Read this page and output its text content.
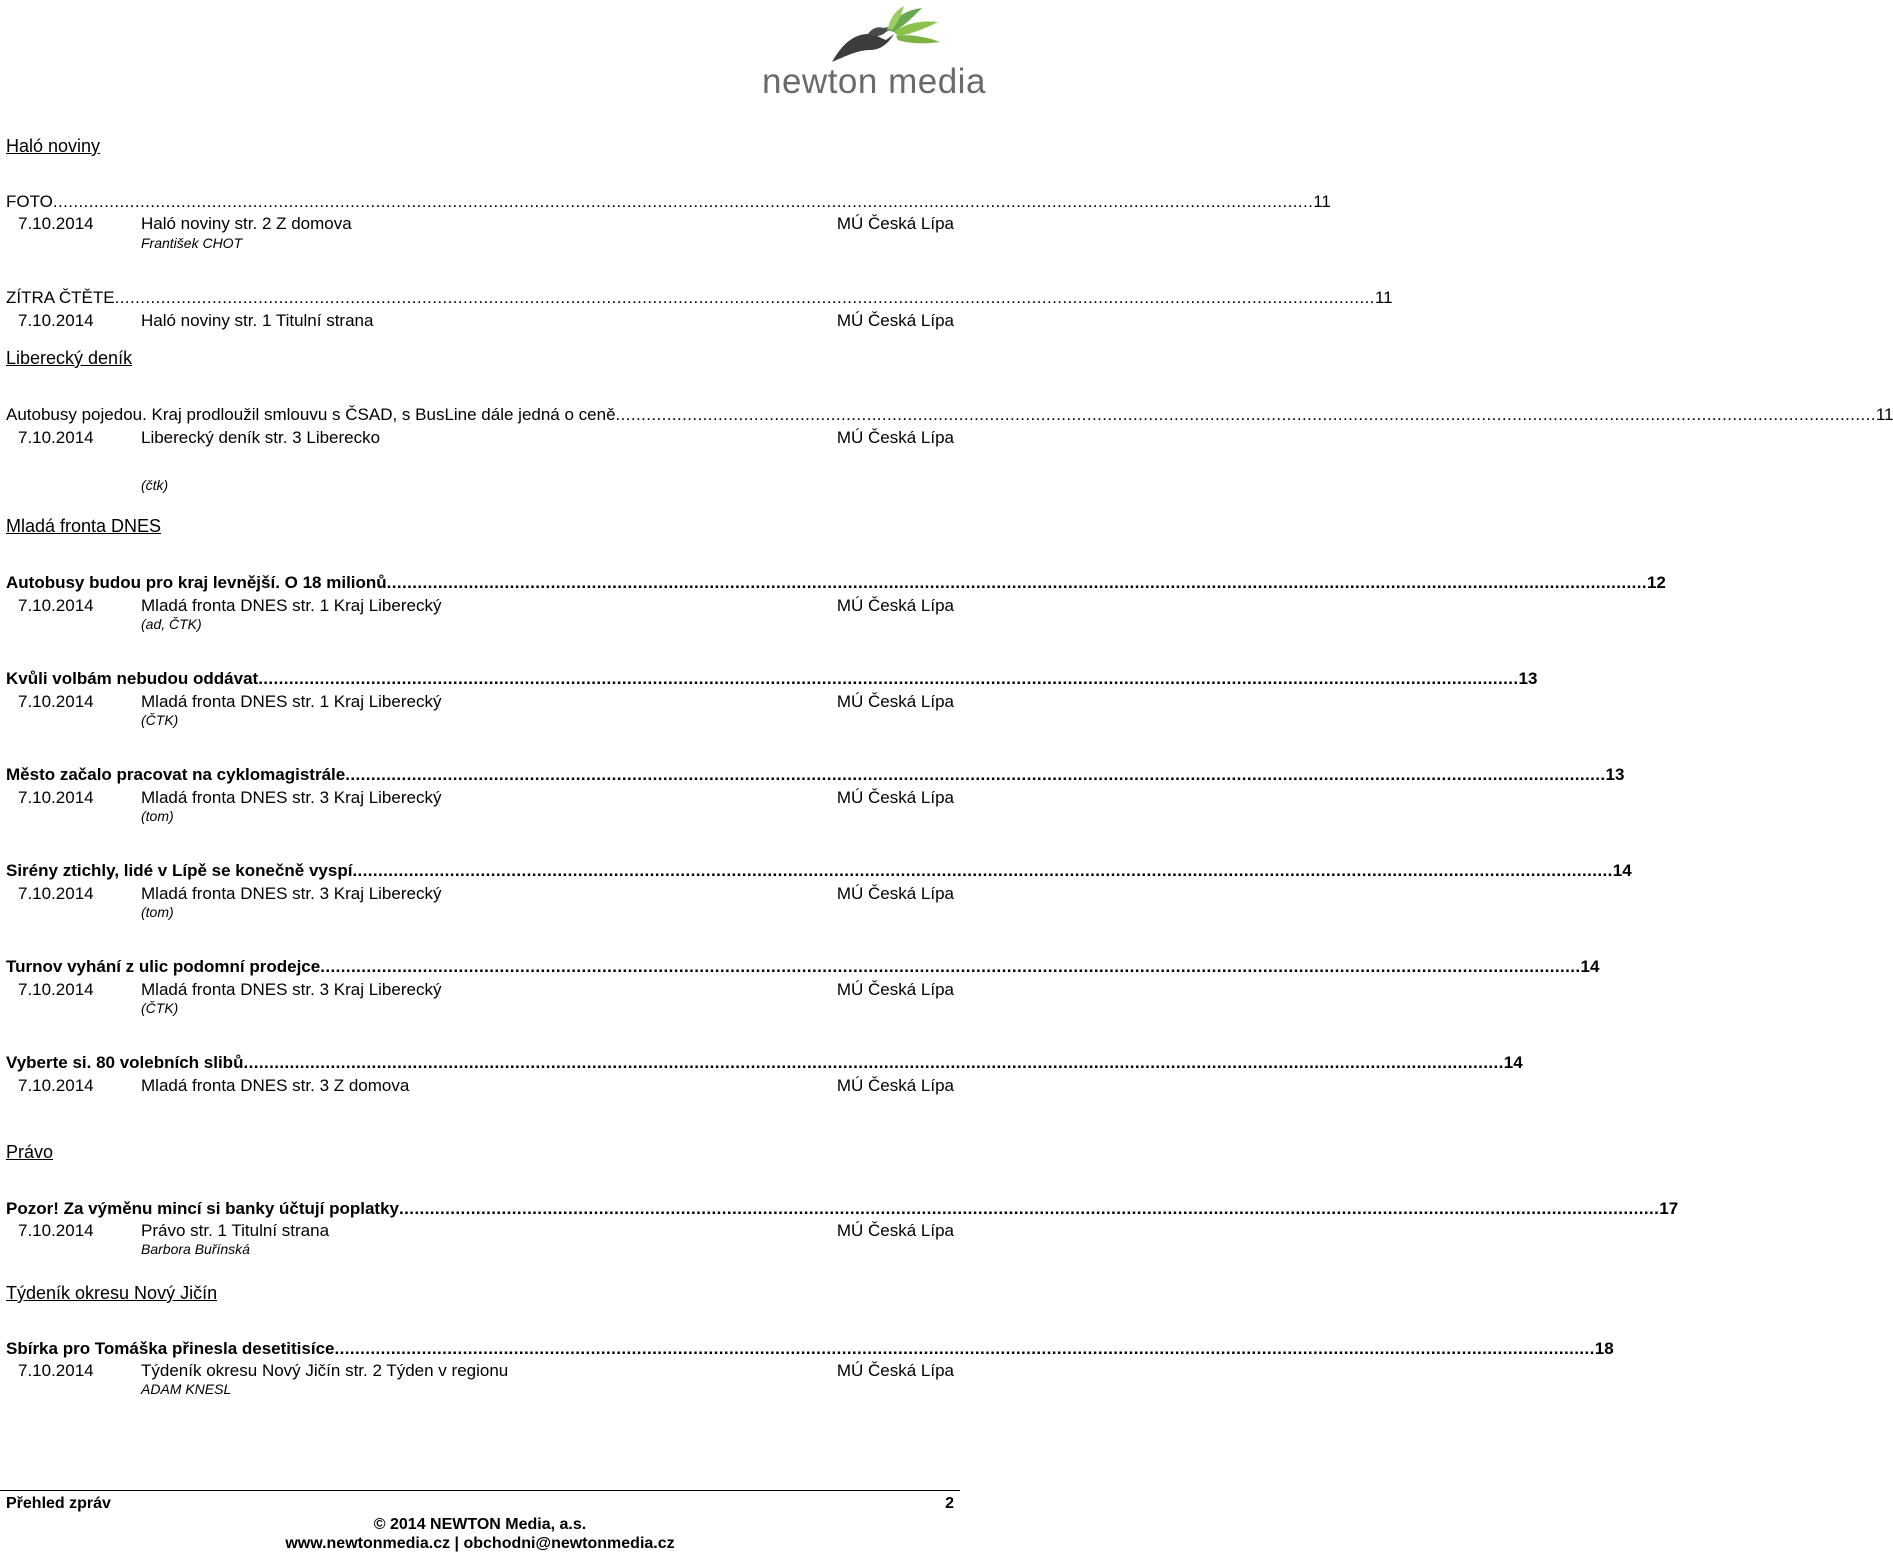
newton media
Haló noviny
FOTO .....	11
7.10.2014	Haló noviny str. 2 Z domova	MÚ Česká Lípa
František CHOT
ZÍTRA ČTĚTE .....	11
7.10.2014	Haló noviny str. 1 Titulní strana	MÚ Česká Lípa
Liberecký deník
Autobusy pojedou. Kraj prodloužil smlouvu s ČSAD, s BusLine dále jedná o ceně .....	11
7.10.2014	Liberecký deník str. 3 Liberecko	MÚ Česká Lípa
(čtk)
Mladá fronta DNES
Autobusy budou pro kraj levnější. O 18 milionů .....	12
7.10.2014	Mladá fronta DNES str. 1 Kraj Liberecký	MÚ Česká Lípa
(ad, ČTK)
Kvůli volbám nebudou oddávat .....	13
7.10.2014	Mladá fronta DNES str. 1 Kraj Liberecký	MÚ Česká Lípa
(ČTK)
Město začalo pracovat na cyklomagistrále .....	13
7.10.2014	Mladá fronta DNES str. 3 Kraj Liberecký	MÚ Česká Lípa
(tom)
Sirény ztichly, lidé v Lípě se konečně vyspí .....	14
7.10.2014	Mladá fronta DNES str. 3 Kraj Liberecký	MÚ Česká Lípa
(tom)
Turnov vyhání z ulic podomní prodejce .....	14
7.10.2014	Mladá fronta DNES str. 3 Kraj Liberecký	MÚ Česká Lípa
(ČTK)
Vyberte si. 80 volebních slibů .....	14
7.10.2014	Mladá fronta DNES str. 3 Z domova	MÚ Česká Lípa
Právo
Pozor! Za výměnu mincí si banky účtují poplatky .....	17
7.10.2014	Právo str. 1 Titulní strana	MÚ Česká Lípa
Barbora Buřínská
Týdeník okresu Nový Jičín
Sbírka pro Tomáška přinesla desetitisíce .....	18
7.10.2014	Týdeník okresu Nový Jičín str. 2 Týden v regionu	MÚ Česká Lípa
ADAM KNESL
Přehled zpráv	2
© 2014 NEWTON Media, a.s.
www.newtonmedia.cz | obchodni@newtonmedia.cz
